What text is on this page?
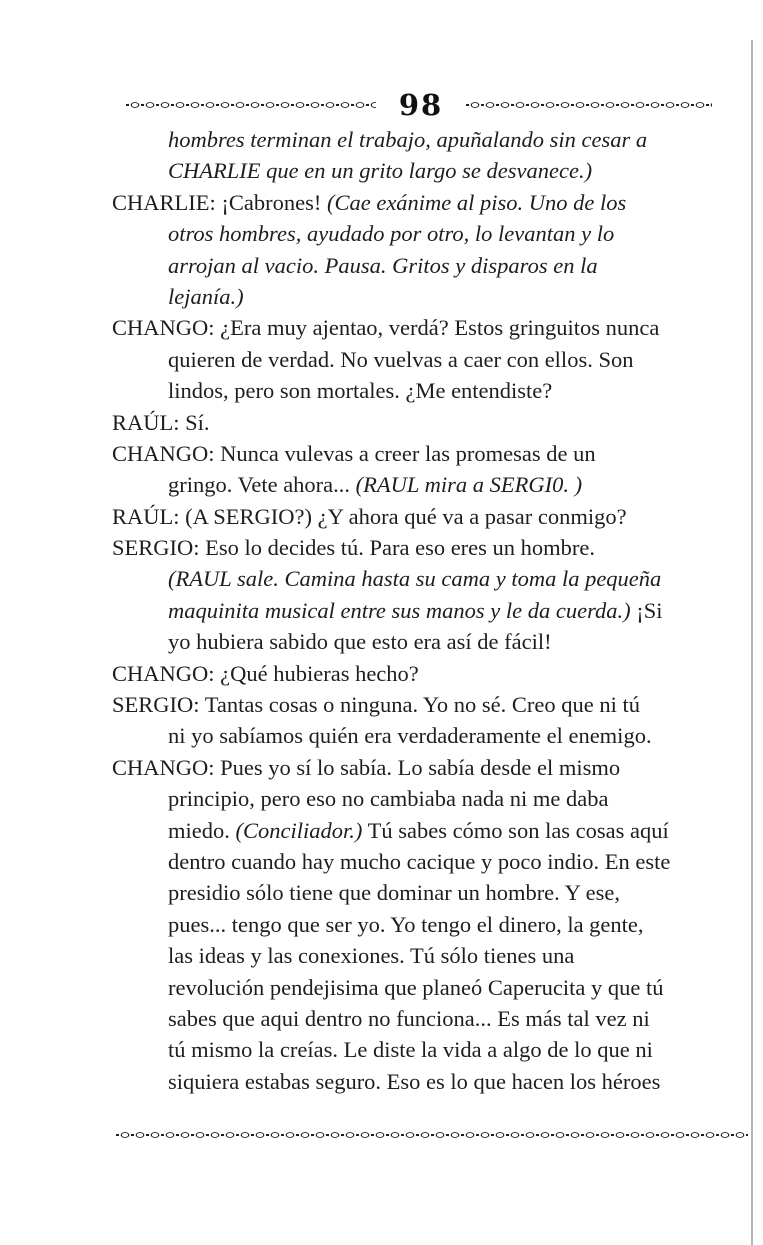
98
hombres terminan el trabajo, apuñalando sin cesar a
CHARLIE que en un grito largo se desvanece.)
CHARLIE: ¡Cabrones! (Cae exánime al piso. Uno de los
otros hombres, ayudado por otro, lo levantan y lo
arrojan al vacio. Pausa. Gritos y disparos en la
lejanía.)
CHANGO: ¿Era muy ajentao, verdá? Estos gringuitos nunca
quieren de verdad. No vuelvas a caer con ellos. Son
lindos, pero son mortales. ¿Me entendiste?
RAÚL: Sí.
CHANGO: Nunca vulevas a creer las promesas de un
gringo. Vete ahora... (RAUL mira a SERGI0. )
RAÚL: (A SERGIO?) ¿Y ahora qué va a pasar conmigo?
SERGIO: Eso lo decides tú. Para eso eres un hombre.
(RAUL sale. Camina hasta su cama y toma la pequeña
maquinita musical entre sus manos y le da cuerda.) ¡Si
yo hubiera sabido que esto era así de fácil!
CHANGO: ¿Qué hubieras hecho?
SERGIO: Tantas cosas o ninguna. Yo no sé. Creo que ni tú
ni yo sabíamos quién era verdaderamente el enemigo.
CHANGO: Pues yo sí lo sabía. Lo sabía desde el mismo
principio, pero eso no cambiaba nada ni me daba
miedo. (Conciliador.) Tú sabes cómo son las cosas aquí
dentro cuando hay mucho cacique y poco indio. En este
presidio sólo tiene que dominar un hombre. Y ese,
pues... tengo que ser yo. Yo tengo el dinero, la gente,
las ideas y las conexiones. Tú sólo tienes una
revolución pendejisima que planeó Caperucita y que tú
sabes que aqui dentro no funciona... Es más tal vez ni
tú mismo la creías. Le diste la vida a algo de lo que ni
siquiera estabas seguro. Eso es lo que hacen los héroes
